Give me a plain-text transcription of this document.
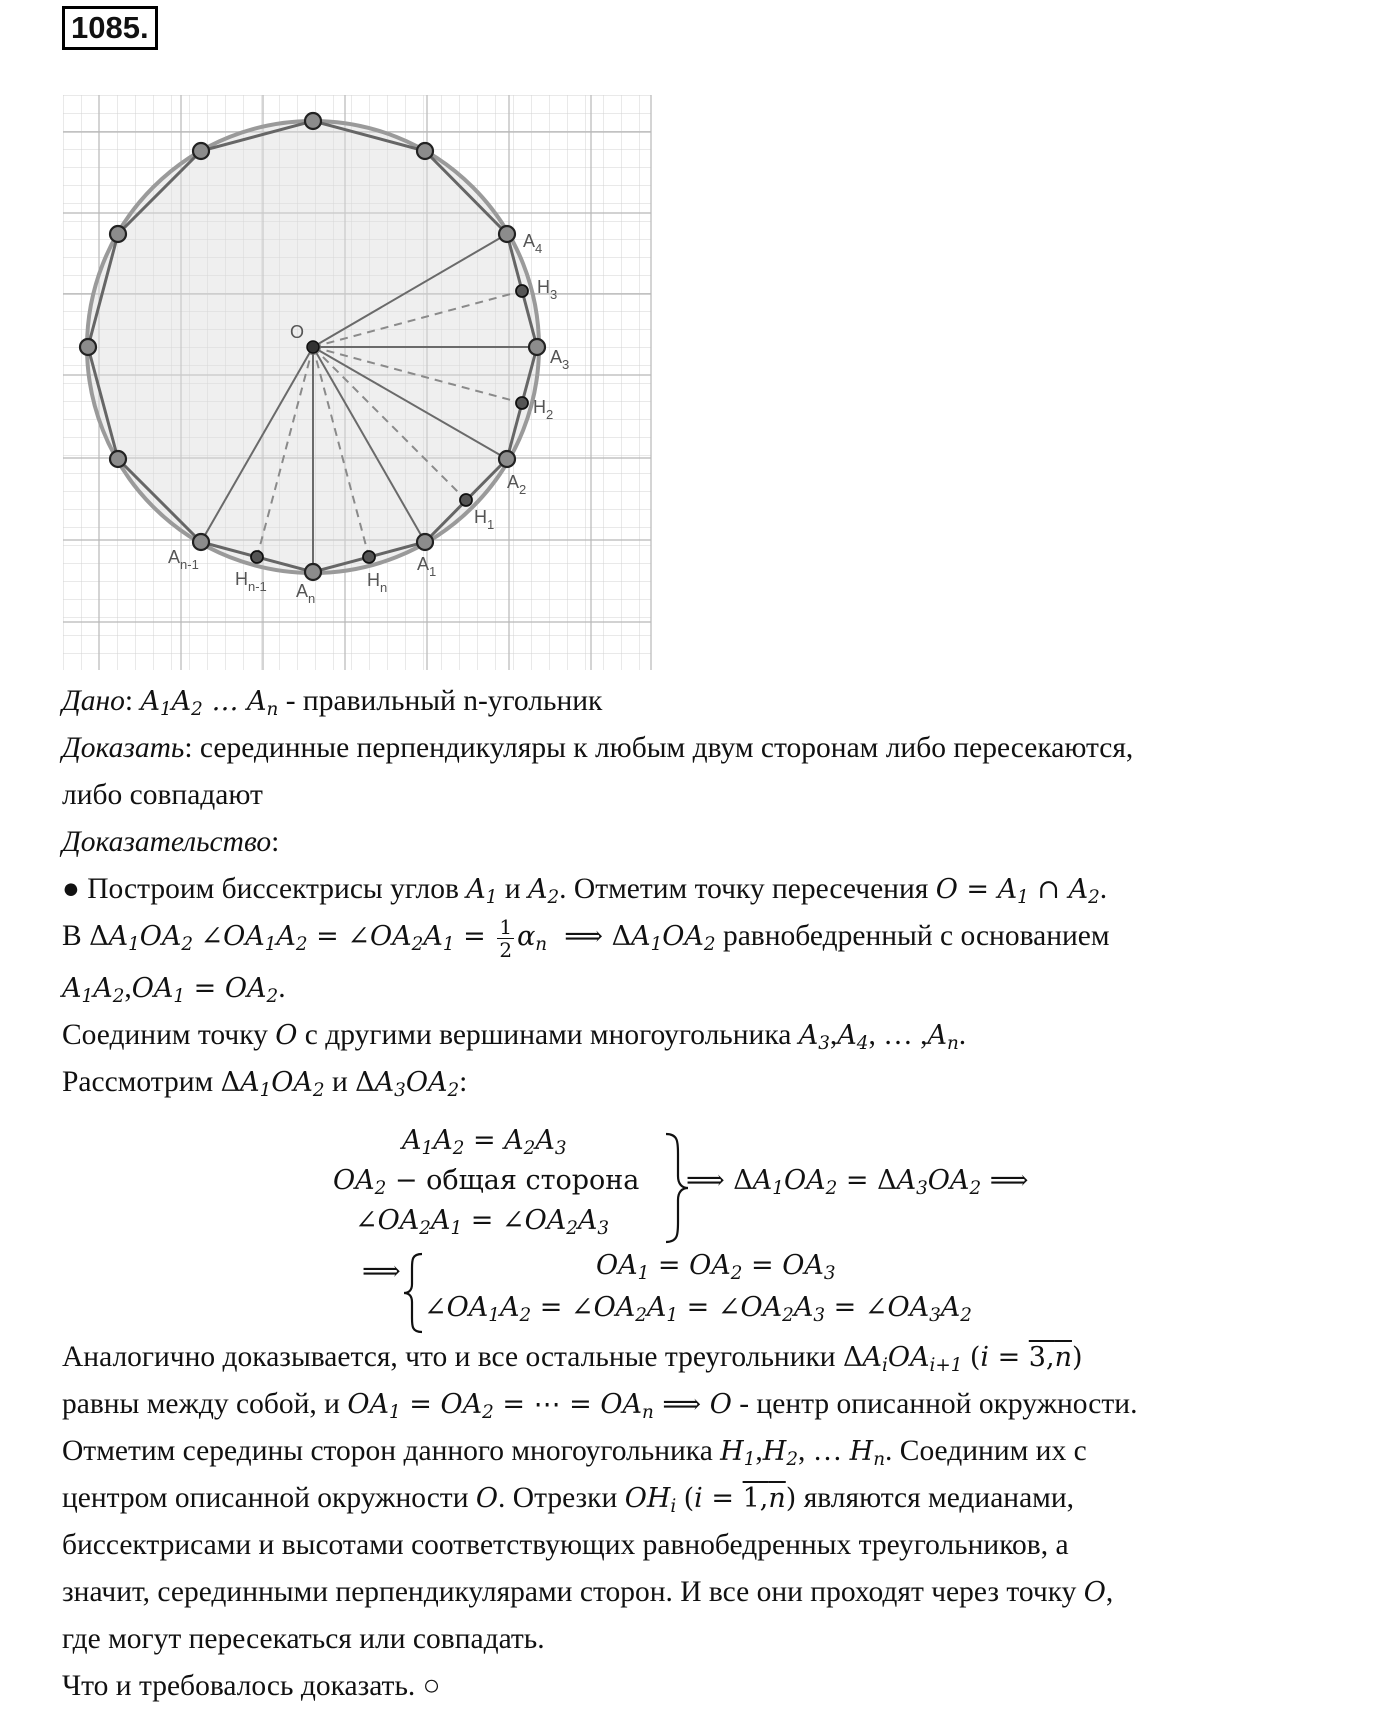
1085.
O
$A_4$
$H_3$
$A_3$
$H_2$
$A_2$
$H_1$
$A_1$
$H_n$
$A_n$
$H_{n-1}$
$A_{n-1}$
Дано: $A_1A_2$ … $A_n$ - правильный n-угольник
Доказать: серединные перпендикуляры к любым двум сторонам либо пересекаются,
либо совпадают
Доказательство:
● Построим биссектрисы углов $A_1$ и $A_2$. Отметим точку пересечения $O = A_1$ ∩ $A_2$.
В $\Delta A_1OA_2$ $\angle OA_1A_2$ = $\angle OA_2A_1 = \frac{1}{2} \alpha_n$  ⟹ $\Delta A_1OA_2$ равнобедренный с основанием
$A_1A_2,OA_1 = OA_2$.
Соединим точку O с другими вершинами многоугольника $A_3,A_4$, … $,A_n$.
Рассмотрим $\Delta A_1OA_2$ и $\Delta A_3OA_2$:
$A_1A_2 = A_2A_3$
$OA_2$ − общая сторона
$\angle OA_2A_1$ = $\angle OA_2A_3$
⟹ $\Delta A_1OA_2 = \Delta A_3OA_2$ ⟹
⟹	$OA_1 = OA_2 = OA_3$
$\angle OA_1A_2$ = $\angle OA_2A_1$ = $\angle OA_2A_3$ = $\angle OA_3A_2$
Аналогично доказывается, что и все остальные треугольники $\Delta A_iOA_{i+1}$ (i = 3,n)
равны между собой, и $OA_1 = OA_2$ = ⋯ = $OA_n$ ⟹ O - центр описанной окружности.
Отметим середины сторон данного многоугольника $H_1,H_2$, … $H_n$. Соединим их с
центром описанной окружности O. Отрезки $OH_i$ (i = 1,n) являются медианами,
биссектрисами и высотами соответствующих равнобедренных треугольников, а
значит, серединными перпендикулярами сторон. И все они проходят через точку O,
где могут пересекаться или совпадать.
Что и требовалось доказать. ○
